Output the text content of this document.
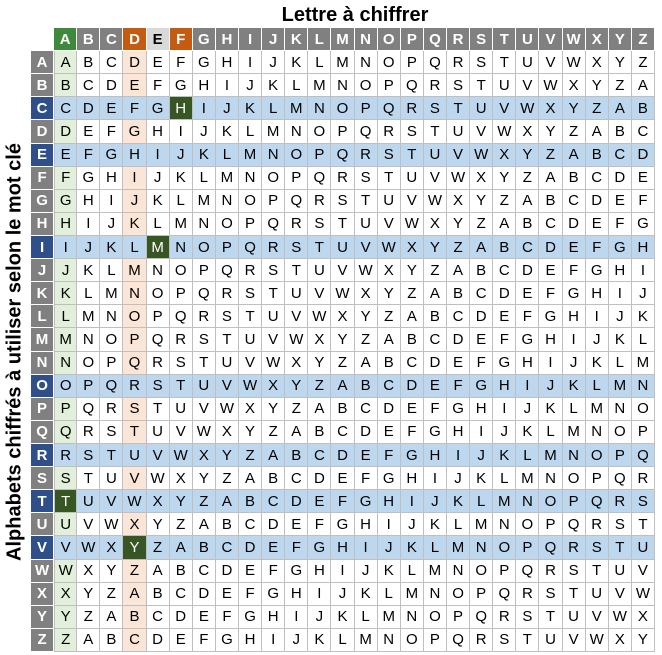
Lettre à chiffrer
Alphabets chiffrés à utiliser selon le mot clé
A B C D E F G H	I	J K L M N O P Q R S T U V W X Y Z
A A B C D E F G H	I	J K L M N O P Q R S T U V W X Y Z
B B C D E F G H	I	J K L M N O P Q R S T U V W X Y Z A
C C D E F G H	I	J K L M N O P Q R S T U V W X Y Z A B
D D E F G H	I	J K L M N O P Q R S T U V W X Y Z A B C
E E F G H	I	J K L M N O P Q R S T U V W X Y Z A B C D
F F G H	I	J K L M N O P Q R S T U V W X Y Z A B C D E
G G H	I	J K L M N O P Q R S T U V W X Y Z A B C D E F
H H	I	J K L M N O P Q R S T U V W X Y Z A B C D E F G
I	I	J K L M N O P Q R S T U V W X Y Z A B C D E F G H
J	J K L M N O P Q R S T U V W X Y Z A B C D E F G H	I
K K L M N O P Q R S T U V W X Y Z A B C D E F G H	I	J
L L M N O P Q R S T U V W X Y Z A B C D E F G H	I	J K
M M N O P Q R S T U V W X Y Z A B C D E F G H	I	J K L
N N O P Q R S T U V W X Y Z A B C D E F G H	I	J K L M
O O P Q R S T U V W X Y Z A B C D E F G H	I	J K L M N
P P Q R S T U V W X Y Z A B C D E F G H	I	J K L M N O
Q Q R S T U V W X Y Z A B C D E F G H	I	J K L M N O P
R R S T U V W X Y Z A B C D E F G H	I	J K L M N O P Q
S S T U V W X Y Z A B C D E F G H	I	J K L M N O P Q R
T T U V W X Y Z A B C D E F G H	I	J K L M N O P Q R S
U U V W X Y Z A B C D E F G H	I	J K L M N O P Q R S T
V V W X Y Z A B C D E F G H	I	J K L M N O P Q R S T U
W W X Y Z A B C D E F G H	I	J K L M N O P Q R S T U V
X X Y Z A B C D E F G H	I	J K L M N O P Q R S T U V W
Y Y Z A B C D E F G H	I	J K L M N O P Q R S T U V W X
Z Z A B C D E F G H	I	J K L M N O P Q R S T U V W X Y
